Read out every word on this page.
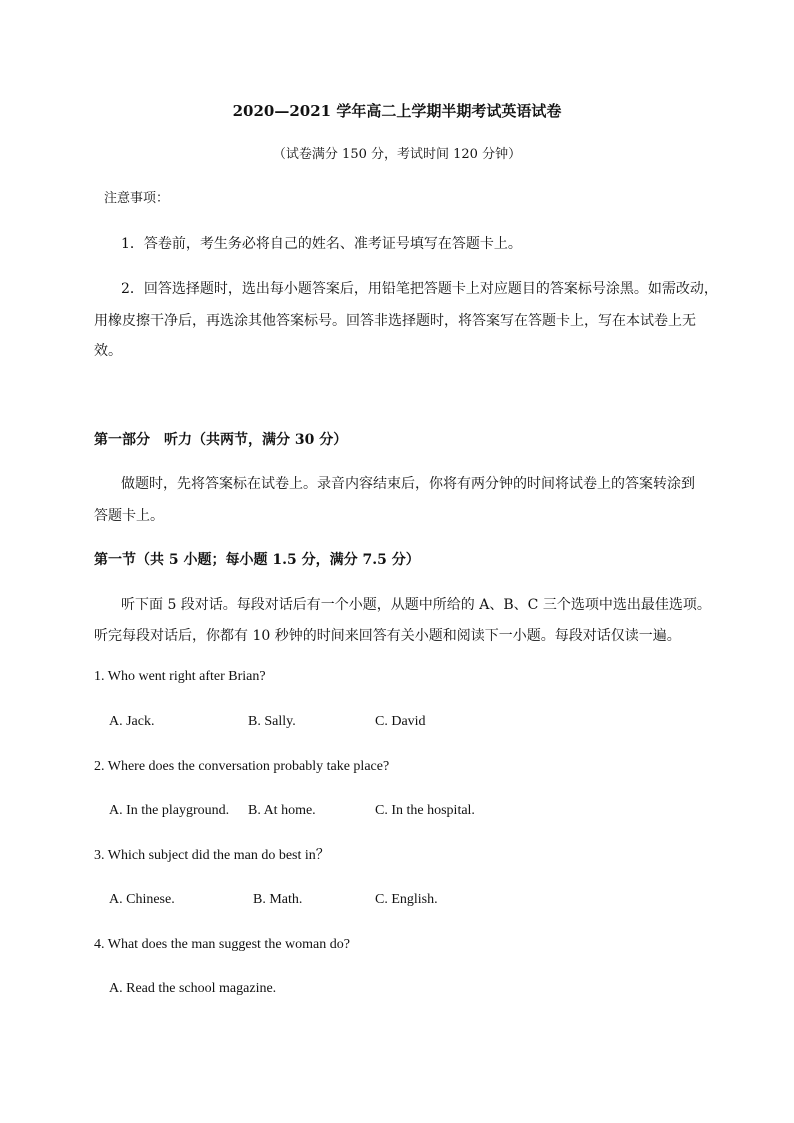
2020—2021 学年高二上学期半期考试英语试卷
（试卷满分 150 分，考试时间 120 分钟）
注意事项：
1．答卷前，考生务必将自己的姓名、准考证号填写在答题卡上。
2．回答选择题时，选出每小题答案后，用铅笔把答题卡上对应题目的答案标号涂黑。如需改动，
用橡皮擦干净后，再选涂其他答案标号。回答非选择题时，将答案写在答题卡上，写在本试卷上无
效。
第一部分　听力（共两节，满分 30 分）
做题时，先将答案标在试卷上。录音内容结束后，你将有两分钟的时间将试卷上的答案转涂到
答题卡上。
第一节（共 5 小题；每小题 1.5 分，满分 7.5 分）
听下面 5 段对话。每段对话后有一个小题，从题中所给的 A、B、C 三个选项中选出最佳选项。
听完每段对话后，你都有 10 秒钟的时间来回答有关小题和阅读下一小题。每段对话仅读一遍。
1. Who went right after Brian?
A. Jack.	B. Sally.	C. David
2. Where does the conversation probably take place?
A. In the playground. B. At home.	C. In the hospital.
3. Which subject did the man do best in？
A. Chinese.	B. Math.	C. English.
4. What does the man suggest the woman do?
A. Read the school magazine.
